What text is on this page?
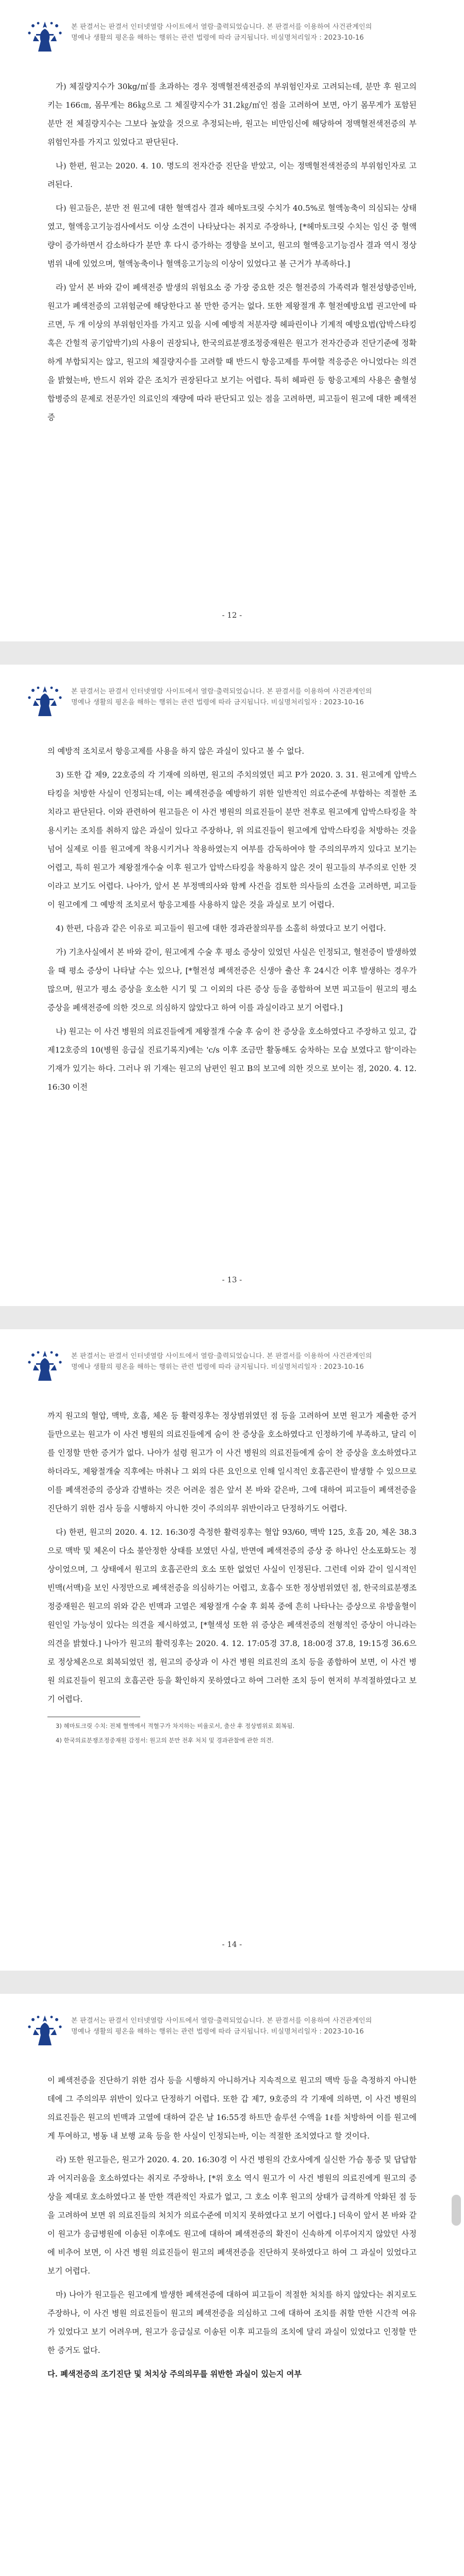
본 판결서는 판결서 인터넷열람 사이트에서 열람·출력되었습니다. 본 판결서를 이용하여 사건관계인의
명예나 생활의 평온을 해하는 행위는 관련 법령에 따라 금지됩니다. 비실명처리일자 : 2023-10-16

가) 체질량지수가 30kg/㎡를 초과하는 경우 정맥혈전색전증의 부위험인자로 고려되는데, 분만 후 원고의 키는 166㎝, 몸무게는 86㎏으로 그 체질량지수가 31.2㎏/㎡인 점을 고려하여 보면, 아기 몸무게가 포함된 분만 전 체질량지수는 그보다 높았을 것으로 추정되는바, 원고는 비만임신에 해당하여 정맥혈전색전증의 부위험인자를 가지고 있었다고 판단된다.

나) 한편, 원고는 2020. 4. 10. 명도의 전자간증 진단을 받았고, 이는 정맥혈전색전증의 부위험인자로 고려된다.

다) 원고들은, 분만 전 원고에 대한 혈액검사 결과 헤마토크릿 수치가 40.5%로 혈액농축이 의심되는 상태였고, 혈액응고기능검사에서도 이상 소견이 나타났다는 취지로 주장하나, [*헤마토크릿 수치는 임신 중 혈액량이 증가하면서 감소하다가 분만 후 다시 증가하는 경향을 보이고, 원고의 혈액응고기능검사 결과 역시 정상 범위 내에 있었으며, 혈액농축이나 혈액응고기능의 이상이 있었다고 볼 근거가 부족하다.]

라) 앞서 본 바와 같이 폐색전증 발생의 위험요소 중 가장 중요한 것은 혈전증의 가족력과 혈전성향증인바, 원고가 폐색전증의 고위험군에 해당한다고 볼 만한 증거는 없다. 또한 제왕절개 후 혈전예방요법 권고안에 따르면, 두 개 이상의 부위험인자를 가지고 있을 시에 예방적 저분자량 헤파린이나 기계적 예방요법(압박스타킹 혹은 간헐적 공기압박기)의 사용이 권장되나, 한국의료분쟁조정중재원은 원고가 전자간증과 진단기준에 정확하게 부합되지는 않고, 원고의 체질량지수를 고려할 때 반드시 항응고제를 투여할 적응증은 아니었다는 의견을 밝혔는바, 반드시 위와 같은 조치가 권장된다고 보기는 어렵다. 특히 헤파린 등 항응고제의 사용은 출혈성 합병증의 문제로 전문가인 의료인의 재량에 따라 판단되고 있는 점을 고려하면, 피고들이 원고에 대한 폐색전증

- 12 -
본 판결서는 판결서 인터넷열람 사이트에서 열람·출력되었습니다. 본 판결서를 이용하여 사건관계인의
명예나 생활의 평온을 해하는 행위는 관련 법령에 따라 금지됩니다. 비실명처리일자 : 2023-10-16

의 예방적 조치로서 항응고제를 사용을 하지 않은 과실이 있다고 볼 수 없다.

3) 또한 갑 제9, 22호증의 각 기재에 의하면, 원고의 주치의였던 피고 P가 2020. 3. 31. 원고에게 압박스타킹을 처방한 사실이 인정되는데, 이는 폐색전증을 예방하기 위한 일반적인 의료수준에 부합하는 적절한 조치라고 판단된다. 이와 관련하여 원고들은 이 사건 병원의 의료진들이 분만 전후로 원고에게 압박스타킹을 착용시키는 조치를 취하지 않은 과실이 있다고 주장하나, 위 의료진들이 원고에게 압박스타킹을 처방하는 것을 넘어 실제로 이를 원고에게 착용시키거나 착용하였는지 여부를 감독하여야 할 주의의무까지 있다고 보기는 어렵고, 특히 원고가 제왕절개수술 이후 원고가 압박스타킹을 착용하지 않은 것이 원고들의 부주의로 인한 것이라고 보기도 어렵다. 나아가, 앞서 본 부정맥의사와 함께 사건을 검토한 의사들의 소견을 고려하면, 피고들이 원고에게 그 예방적 조치로서 항응고제를 사용하지 않은 것을 과실로 보기 어렵다.

4) 한편, 다음과 같은 이유로 피고들이 원고에 대한 경과관찰의무를 소홀히 하였다고 보기 어렵다.

가) 기초사실에서 본 바와 같이, 원고에게 수술 후 평소 증상이 있었던 사실은 인정되고, 혈전증이 발생하였을 때 평소 증상이 나타날 수는 있으나, [*혈전성 폐색전증은 신생아 출산 후 24시간 이후 발생하는 경우가 많으며, 원고가 평소 증상을 호소한 시기 및 그 이외의 다른 증상 등을 종합하여 보면 피고들이 원고의 평소 증상을 폐색전증에 의한 것으로 의심하지 않았다고 하여 이를 과실이라고 보기 어렵다.]

나) 원고는 이 사건 병원의 의료진들에게 제왕절개 수술 후 숨이 찬 증상을 호소하였다고 주장하고 있고, 갑 제12호증의 10(병원 응급실 진료기록지)에는 'c/s 이후 조금만 활동해도 숨차하는 모습 보였다고 함'이라는 기재가 있기는 하다. 그러나 위 기재는 원고의 남편인 원고 B의 보고에 의한 것으로 보이는 점, 2020. 4. 12. 16:30 이전

- 13 -
본 판결서는 판결서 인터넷열람 사이트에서 열람·출력되었습니다. 본 판결서를 이용하여 사건관계인의
명예나 생활의 평온을 해하는 행위는 관련 법령에 따라 금지됩니다. 비실명처리일자 : 2023-10-16

까지 원고의 혈압, 맥박, 호흡, 체온 등 활력징후는 정상범위였던 점 등을 고려하여 보면 원고가 제출한 증거들만으로는 원고가 이 사건 병원의 의료진들에게 숨이 찬 증상을 호소하였다고 인정하기에 부족하고, 달리 이를 인정할 만한 증거가 없다. 나아가 설령 원고가 이 사건 병원의 의료진들에게 숨이 찬 증상을 호소하였다고 하더라도, 제왕절개술 직후에는 마취나 그 외의 다른 요인으로 인해 일시적인 호흡곤란이 발생할 수 있으므로 이를 폐색전증의 증상과 감별하는 것은 어려운 점은 앞서 본 바와 같은바, 그에 대하여 피고들이 폐색전증을 진단하기 위한 검사 등을 시행하지 아니한 것이 주의의무 위반이라고 단정하기도 어렵다.

다) 한편, 원고의 2020. 4. 12. 16:30경 측정한 활력징후는 혈압 93/60, 맥박 125, 호흡 20, 체온 38.3으로 맥박 및 체온이 다소 불안정한 상태를 보였던 사실, 반면에 폐색전증의 증상 중 하나인 산소포화도는 정상이었으며, 그 상태에서 원고의 호흡곤란의 호소 또한 없었던 사실이 인정된다. 그런데 이와 같이 일시적인 빈맥(서맥)을 보인 사정만으로 폐색전증을 의심하기는 어렵고, 호흡수 또한 정상범위였던 점, 한국의료분쟁조정중재원은 원고의 위와 같은 빈맥과 고열은 제왕절개 수술 후 회복 중에 흔히 나타나는 증상으로 유방울혈이 원인일 가능성이 있다는 의견을 제시하였고, [*혈색성 또한 위 증상은 폐색전증의 전형적인 증상이 아니라는 의견을 밝혔다.] 나아가 원고의 활력징후는 2020. 4. 12. 17:05경 37.8, 18:00경 37.8, 19:15경 36.6으로 정상체온으로 회복되었던 점, 원고의 증상과 이 사건 병원 의료진의 조치 등을 종합하여 보면, 이 사건 병원 의료진들이 원고의 호흡곤란 등을 확인하지 못하였다고 하여 그러한 조치 등이 현저히 부적절하였다고 보기 어렵다.

3) 헤마토크릿 수치: 전체 혈액에서 적혈구가 차지하는 비율로서, 출산 후 정상범위로 회복됨.

4) 한국의료분쟁조정중재원 감정서: 원고의 분만 전후 처치 및 경과관찰에 관한 의견.

- 14 -
본 판결서는 판결서 인터넷열람 사이트에서 열람·출력되었습니다. 본 판결서를 이용하여 사건관계인의
명예나 생활의 평온을 해하는 행위는 관련 법령에 따라 금지됩니다. 비실명처리일자 : 2023-10-16

이 폐색전증을 진단하기 위한 검사 등을 시행하지 아니하거나 지속적으로 원고의 맥박 등을 측정하지 아니한 데에 그 주의의무 위반이 있다고 단정하기 어렵다. 또한 갑 제7, 9호증의 각 기재에 의하면, 이 사건 병원의 의료진들은 원고의 빈맥과 고열에 대하여 같은 날 16:55경 하트만 솔루션 수액을 1ℓ를 처방하여 이를 원고에게 투여하고, 병동 내 보행 교육 등을 한 사실이 인정되는바, 이는 적절한 조치였다고 할 것이다.

라) 또한 원고들은, 원고가 2020. 4. 20. 16:30경 이 사건 병원의 간호사에게 실신한 가슴 통증 및 답답함과 어지러움을 호소하였다는 취지로 주장하나, [*위 호소 역시 원고가 이 사건 병원의 의료진에게 원고의 증상을 제대로 호소하였다고 볼 만한 객관적인 자료가 없고, 그 호소 이후 원고의 상태가 급격하게 악화된 점 등을 고려하여 보면 위 의료진들의 처치가 의료수준에 미치지 못하였다고 보기 어렵다.] 더욱이 앞서 본 바와 같이 원고가 응급병원에 이송된 이후에도 원고에 대하여 폐색전증의 확진이 신속하게 이루어지지 않았던 사정에 비추어 보면, 이 사건 병원 의료진들이 원고의 폐색전증을 진단하지 못하였다고 하여 그 과실이 있었다고 보기 어렵다.

마) 나아가 원고들은 원고에게 발생한 폐색전증에 대하여 피고들이 적절한 처치를 하지 않았다는 취지로도 주장하나, 이 사건 병원 의료진들이 원고의 폐색전증을 의심하고 그에 대하여 조치를 취할 만한 시간적 여유가 있었다고 보기 어려우며, 원고가 응급실로 이송된 이후 피고들의 조치에 달리 과실이 있었다고 인정할 만한 증거도 없다.

다. 폐색전증의 조기진단 및 처치상 주의의무를 위반한 과실이 있는지 여부
